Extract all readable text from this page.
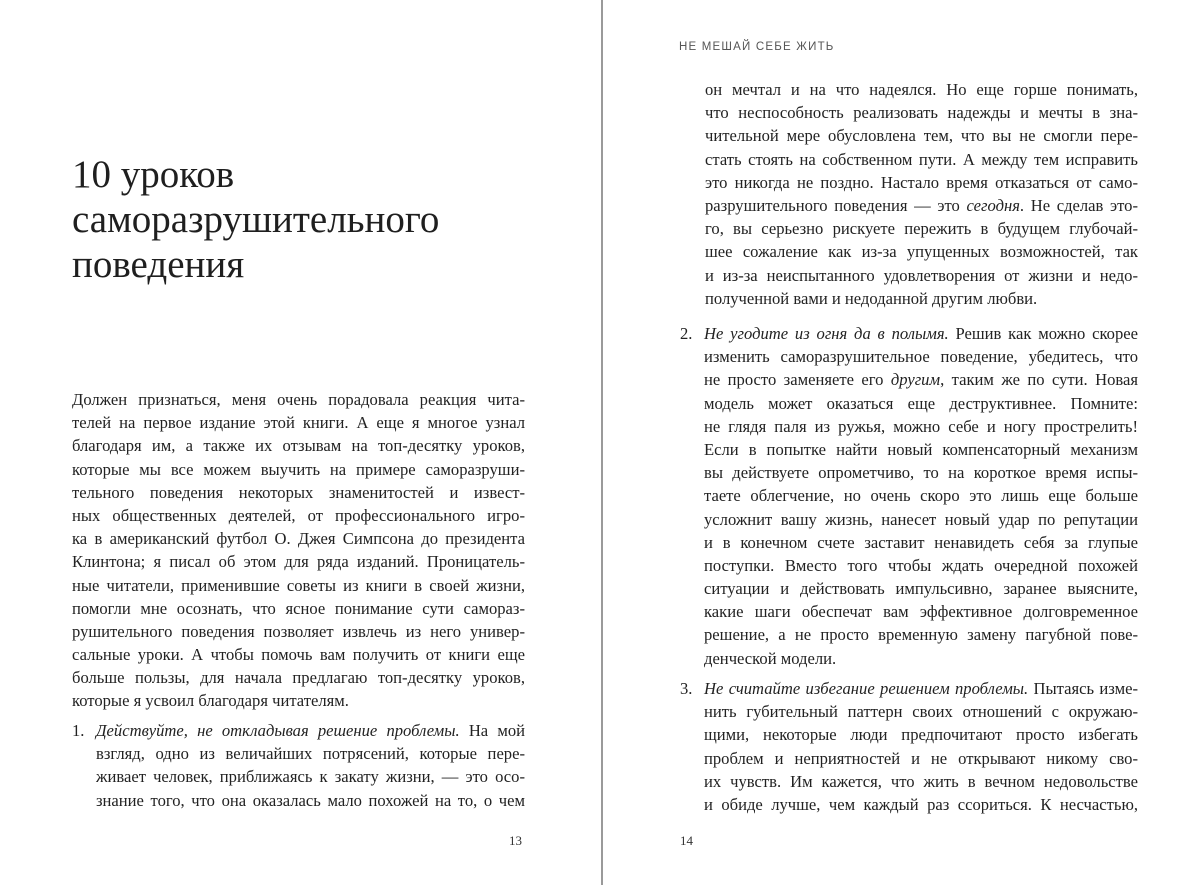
10 уроков
саморазрушительного
поведения
Должен признаться, меня очень порадовала реакция чита-
телей на первое издание этой книги. А еще я многое узнал
благодаря им, а также их отзывам на топ-десятку уроков,
которые мы все можем выучить на примере саморазруши-
тельного поведения некоторых знаменитостей и извест-
ных общественных деятелей, от профессионального игро-
ка в американский футбол О. Джея Симпсона до президента
Клинтона; я писал об этом для ряда изданий. Проницатель-
ные читатели, применившие советы из книги в своей жизни,
помогли мне осознать, что ясное понимание сути саморaз-
рушительного поведения позволяет извлечь из него универ-
сальные уроки. А чтобы помочь вам получить от книги еще
больше пользы, для начала предлагаю топ-десятку уроков,
которые я усвоил благодаря читателям.
1. Действуйте, не откладывая решение проблемы. На мой
взгляд, одно из величайших потрясений, которые пере-
живает человек, приближаясь к закату жизни, — это осо-
знание того, что она оказалась мало похожей на то, о чем
13
НЕ МЕШАЙ СЕБЕ ЖИТЬ
он мечтал и на что надеялся. Но еще горше понимать,
что неспособность реализовать надежды и мечты в зна-
чительной мере обусловлена тем, что вы не смогли пере-
стать стоять на собственном пути. А между тем исправить
это никогда не поздно. Настало время отказаться от само-
разрушительного поведения — это сегодня. Не сделав это-
го, вы серьезно рискуете пережить в будущем глубочай-
шее сожаление как из-за упущенных возможностей, так
и из-за неиспытанного удовлетворения от жизни и недо-
полученной вами и недоданной другим любви.
2. Не угодите из огня да в полымя. Решив как можно скорее
изменить саморазрушительное поведение, убедитесь, что
не просто заменяете его другим, таким же по сути. Новая
модель может оказаться еще деструктивнее. Помните:
не глядя паля из ружья, можно себе и ногу прострелить!
Если в попытке найти новый компенсаторный механизм
вы действуете опрометчиво, то на короткое время испы-
таете облегчение, но очень скоро это лишь еще больше
усложнит вашу жизнь, нанесет новый удар по репутации
и в конечном счете заставит ненавидеть себя за глупые
поступки. Вместо того чтобы ждать очередной похожей
ситуации и действовать импульсивно, заранее выясните,
какие шаги обеспечат вам эффективное долговременное
решение, а не просто временную замену пагубной пове-
денческой модели.
3. Не считайте избегание решением проблемы. Пытаясь изме-
нить губительный паттерн своих отношений с окружаю-
щими, некоторые люди предпочитают просто избегать
проблем и неприятностей и не открывают никому сво-
их чувств. Им кажется, что жить в вечном недовольстве
и обиде лучше, чем каждый раз ссориться. К несчастью,
14
